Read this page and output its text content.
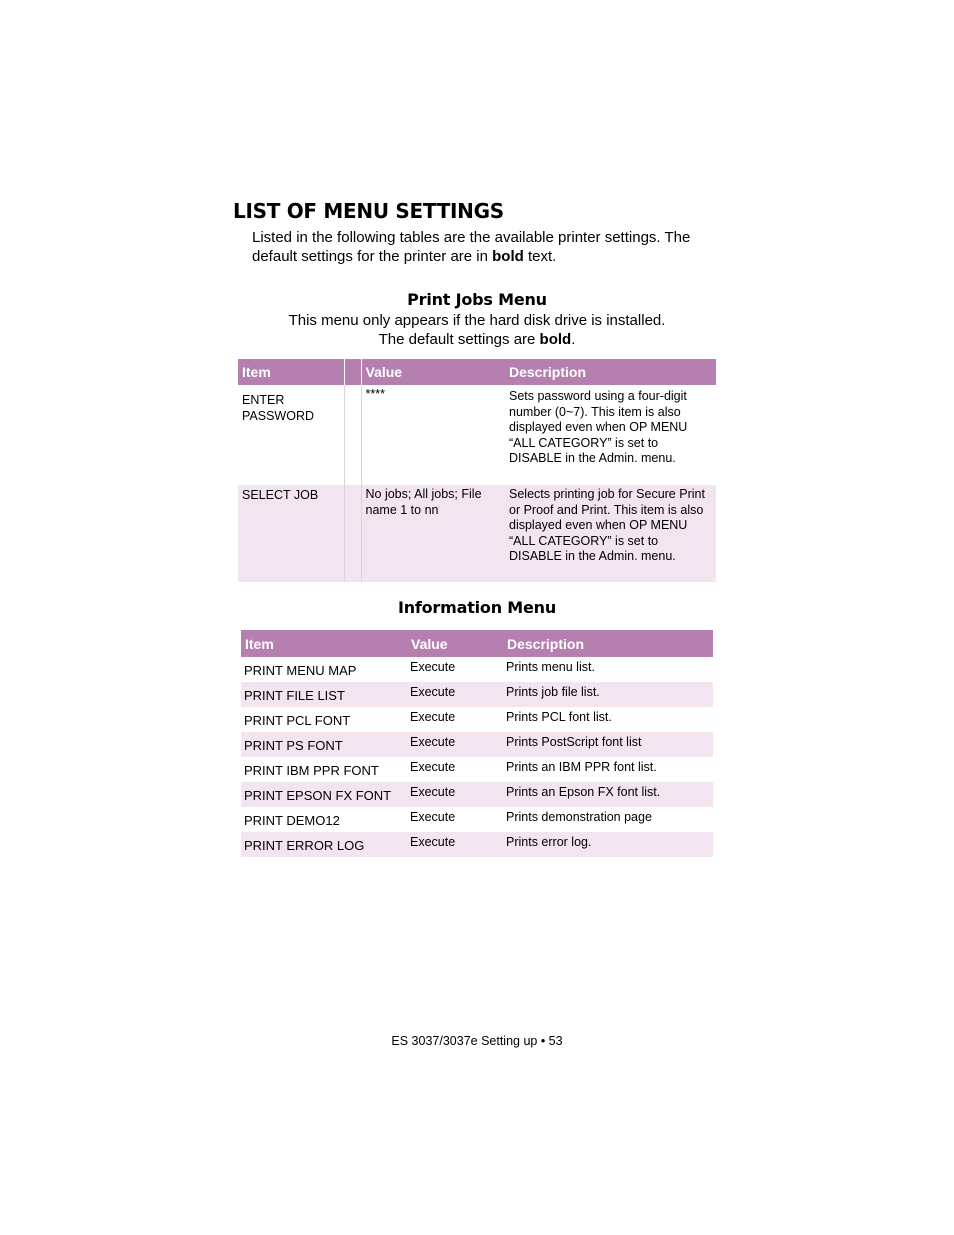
LIST OF MENU SETTINGS
Listed in the following tables are the available printer settings. The default settings for the printer are in bold text.
Print Jobs Menu
This menu only appears if the hard disk drive is installed.
The default settings are bold.
Item		Value	Description
ENTER PASSWORD		****	Sets password using a four-digit number (0~7). This item is also displayed even when OP MENU “ALL CATEGORY” is set to DISABLE in the Admin. menu.
SELECT JOB		No jobs; All jobs; File name 1 to nn	Selects printing job for Secure Print or Proof and Print. This item is also displayed even when OP MENU “ALL CATEGORY” is set to DISABLE in the Admin. menu.
Information Menu
Item	Value	Description
PRINT MENU MAP	Execute	Prints menu list.
PRINT FILE LIST	Execute	Prints job file list.
PRINT PCL FONT	Execute	Prints PCL font list.
PRINT PS FONT	Execute	Prints PostScript font list
PRINT IBM PPR FONT	Execute	Prints an IBM PPR font list.
PRINT EPSON FX FONT	Execute	Prints an Epson FX font list.
PRINT DEMO12	Execute	Prints demonstration page
PRINT ERROR LOG	Execute	Prints error log.
ES 3037/3037e Setting up • 53
